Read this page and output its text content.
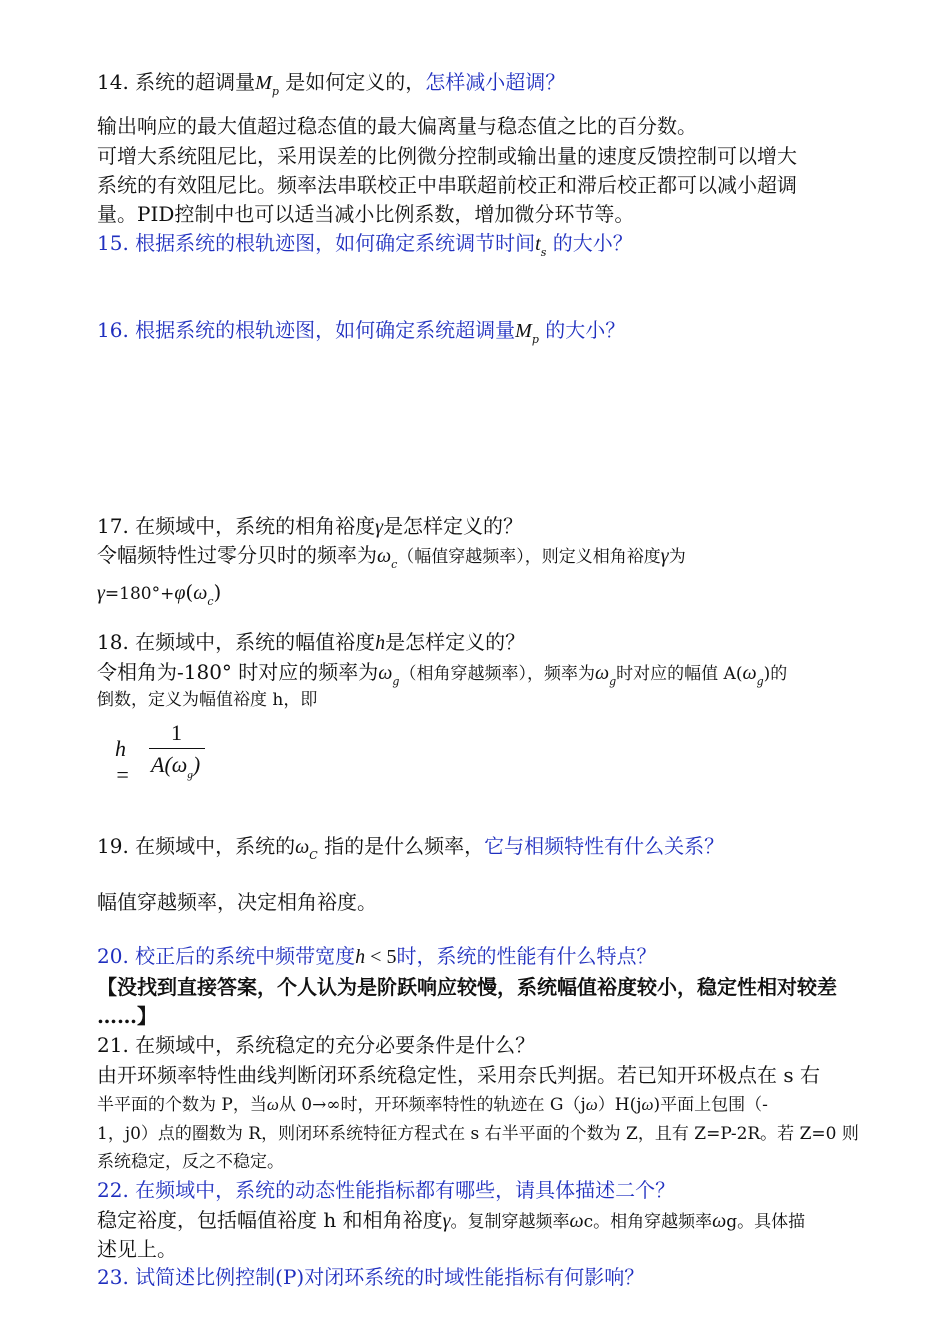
14. 系统的超调量$M_p$ 是如何定义的，怎样减小超调？
输出响应的最大值超过稳态值的最大偏离量与稳态值之比的百分数。
可增大系统阻尼比，采用误差的比例微分控制或输出量的速度反馈控制可以增大
系统的有效阻尼比。频率法串联校正中串联超前校正和滞后校正都可以减小超调
量。PID控制中也可以适当减小比例系数，增加微分环节等。
15. 根据系统的根轨迹图，如何确定系统调节时间$t_s$ 的大小？
16. 根据系统的根轨迹图，如何确定系统超调量$M_p$ 的大小？
17. 在频域中，系统的相角裕度γ是怎样定义的？
令幅频特性过零分贝时的频率为$\omega_c$（幅值穿越频率），则定义相角裕度γ为
$\gamma=180^\circ+\varphi(\omega_c)$
18. 在频域中，系统的幅值裕度h是怎样定义的？
令相角为-180° 时对应的频率为$\omega_g$（相角穿越频率），频率为$\omega_g$时对应的幅值 $A(\omega_g)$的
倒数，定义为幅值裕度 h，即
h =
1
$A(\omega_g)$
19. 在频域中，系统的$\omega_C$ 指的是什么频率，它与相频特性有什么关系？
幅值穿越频率，决定相角裕度。
20. 校正后的系统中频带宽度h < 5时，系统的性能有什么特点？
【没找到直接答案，个人认为是阶跃响应较慢，系统幅值裕度较小，稳定性相对较差
……】
21. 在频域中，系统稳定的充分必要条件是什么？
由开环频率特性曲线判断闭环系统稳定性，采用奈氏判据。若已知开环极点在 s 右
半平面的个数为 P，当ω从 0→∞时，开环频率特性的轨迹在 G（jω）H(jω)平面上包围（-
1，j0）点的圈数为 R，则闭环系统特征方程式在 s 右半平面的个数为 Z，且有 Z=P-2R。若 Z=0 则
系统稳定，反之不稳定。
22. 在频域中，系统的动态性能指标都有哪些，请具体描述二个？
稳定裕度，包括幅值裕度 h 和相角裕度γ。复制穿越频率ωc。相角穿越频率ωg。具体描
述见上。
23. 试简述比例控制(P)对闭环系统的时域性能指标有何影响？
